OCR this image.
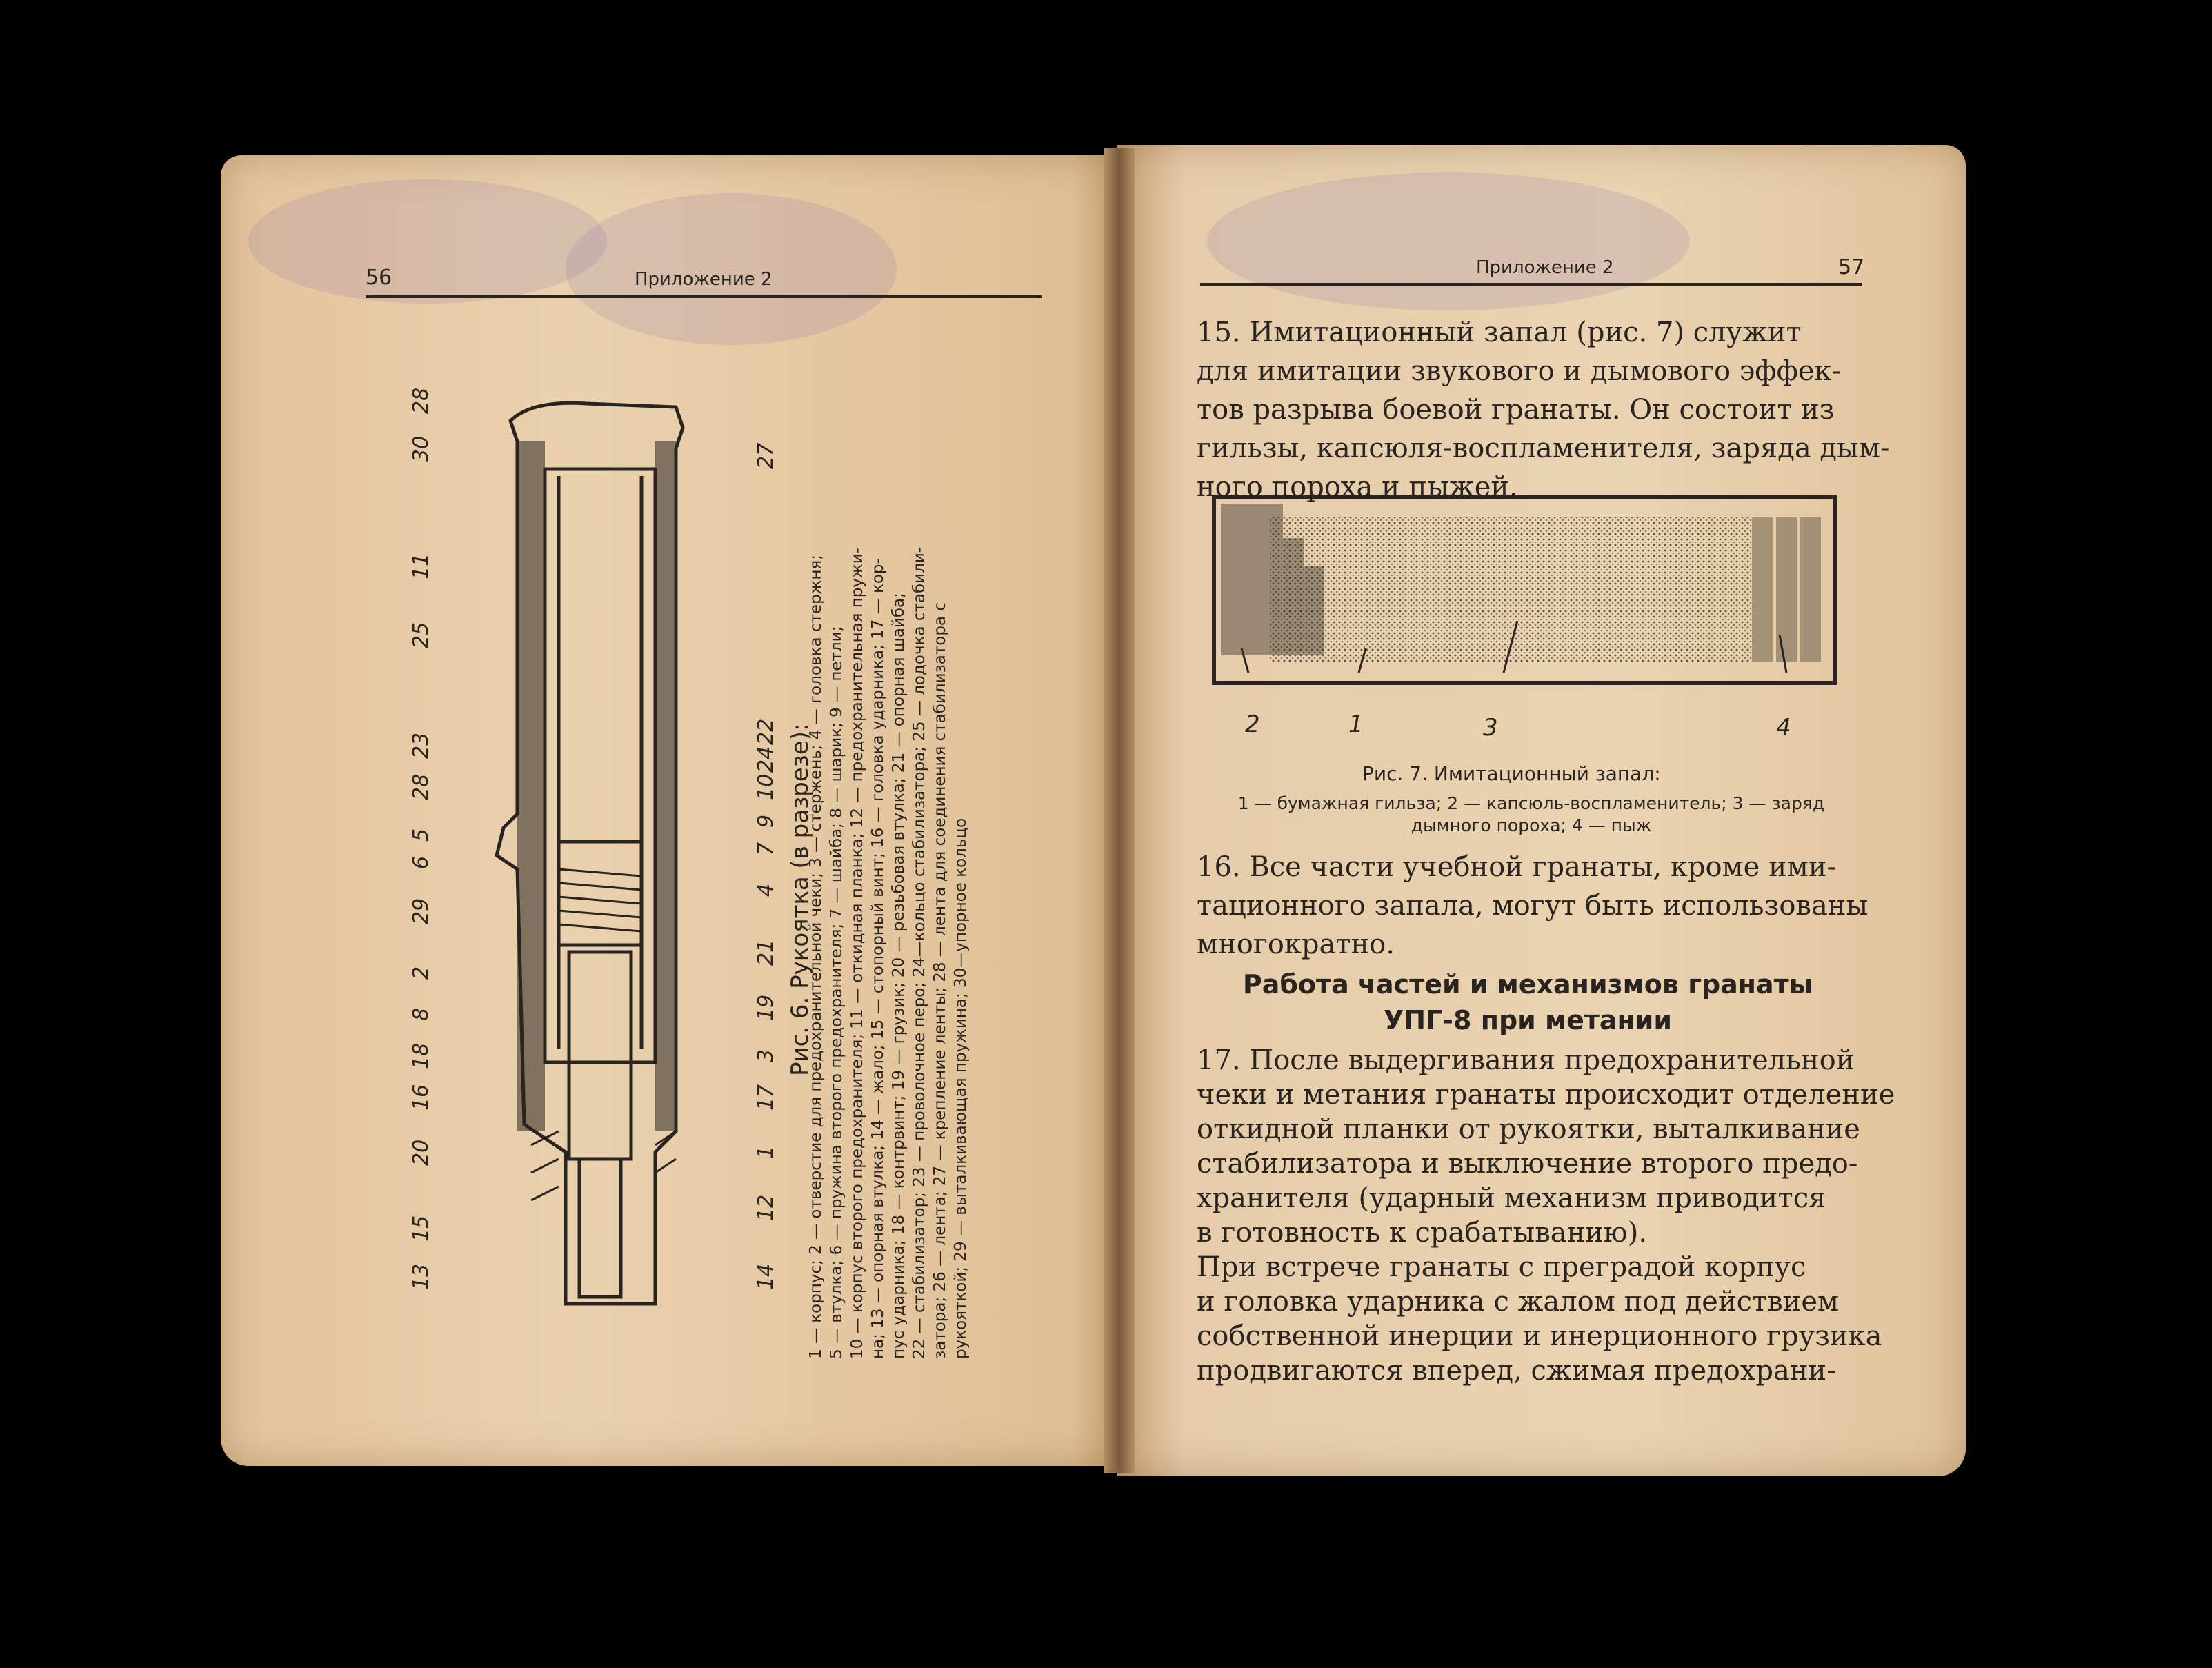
56	Приложение 2
28
30
11
25
23
28
5
6
29
2
8
18
16
20
15
13
27
22
24
10
9
7
4
21
19
3
17
1
12
14
Рис. 6. Рукоятка (в разрезе):
1 — корпус; 2 — отверстие для предохранительной чеки; 3 — стержень; 4 — головка стержня; 5 — втулка; 6 — пружина второго предохранителя; 7 — шайба; 8 — шарик; 9 — петли; 10 — корпус второго предохранителя; 11 — откидная планка; 12 — предохранительная пружи- на; 13 — опорная втулка; 14 — жало; 15 — стопорный винт; 16 — головка ударника; 17 — кор- пус ударника; 18 — контрвинт; 19 — грузик; 20 — резьбовая втулка; 21 — опорная шайба; 22 — стабилизатор; 23 — проволочное перо; 24—кольцо стабилизатора; 25 — лодочка стабили- затора; 26 — лента; 27 — крепление ленты; 28 — лента для соединения стабилизатора с рукояткой; 29 — выталкивающая пружина; 30—упорное кольцо
Приложение 2	57
15. Имитационный запал (рис. 7) служит
для имитации звукового и дымового эффек-
тов разрыва боевой гранаты. Он состоит из
гильзы, капсюля-воспламенителя, заряда дым-
ного пороха и пыжей.
2	1	3	4
Рис. 7. Имитационный запал:
1 — бумажная гильза; 2 — капсюль-воспламенитель; 3 — заряд
дымного пороха; 4 — пыж
16. Все части учебной гранаты, кроме ими-
тационного запала, могут быть использованы
многократно.
Работа частей и механизмов гранаты
УПГ-8 при метании
17. После выдергивания предохранительной
чеки и метания гранаты происходит отделение
откидной планки от рукоятки, выталкивание
стабилизатора и выключение второго предо-
хранителя (ударный механизм приводится
в готовность к срабатыванию).
При встрече гранаты с преградой корпус
и головка ударника с жалом под действием
собственной инерции и инерционного грузика
продвигаются вперед, сжимая предохрани-
